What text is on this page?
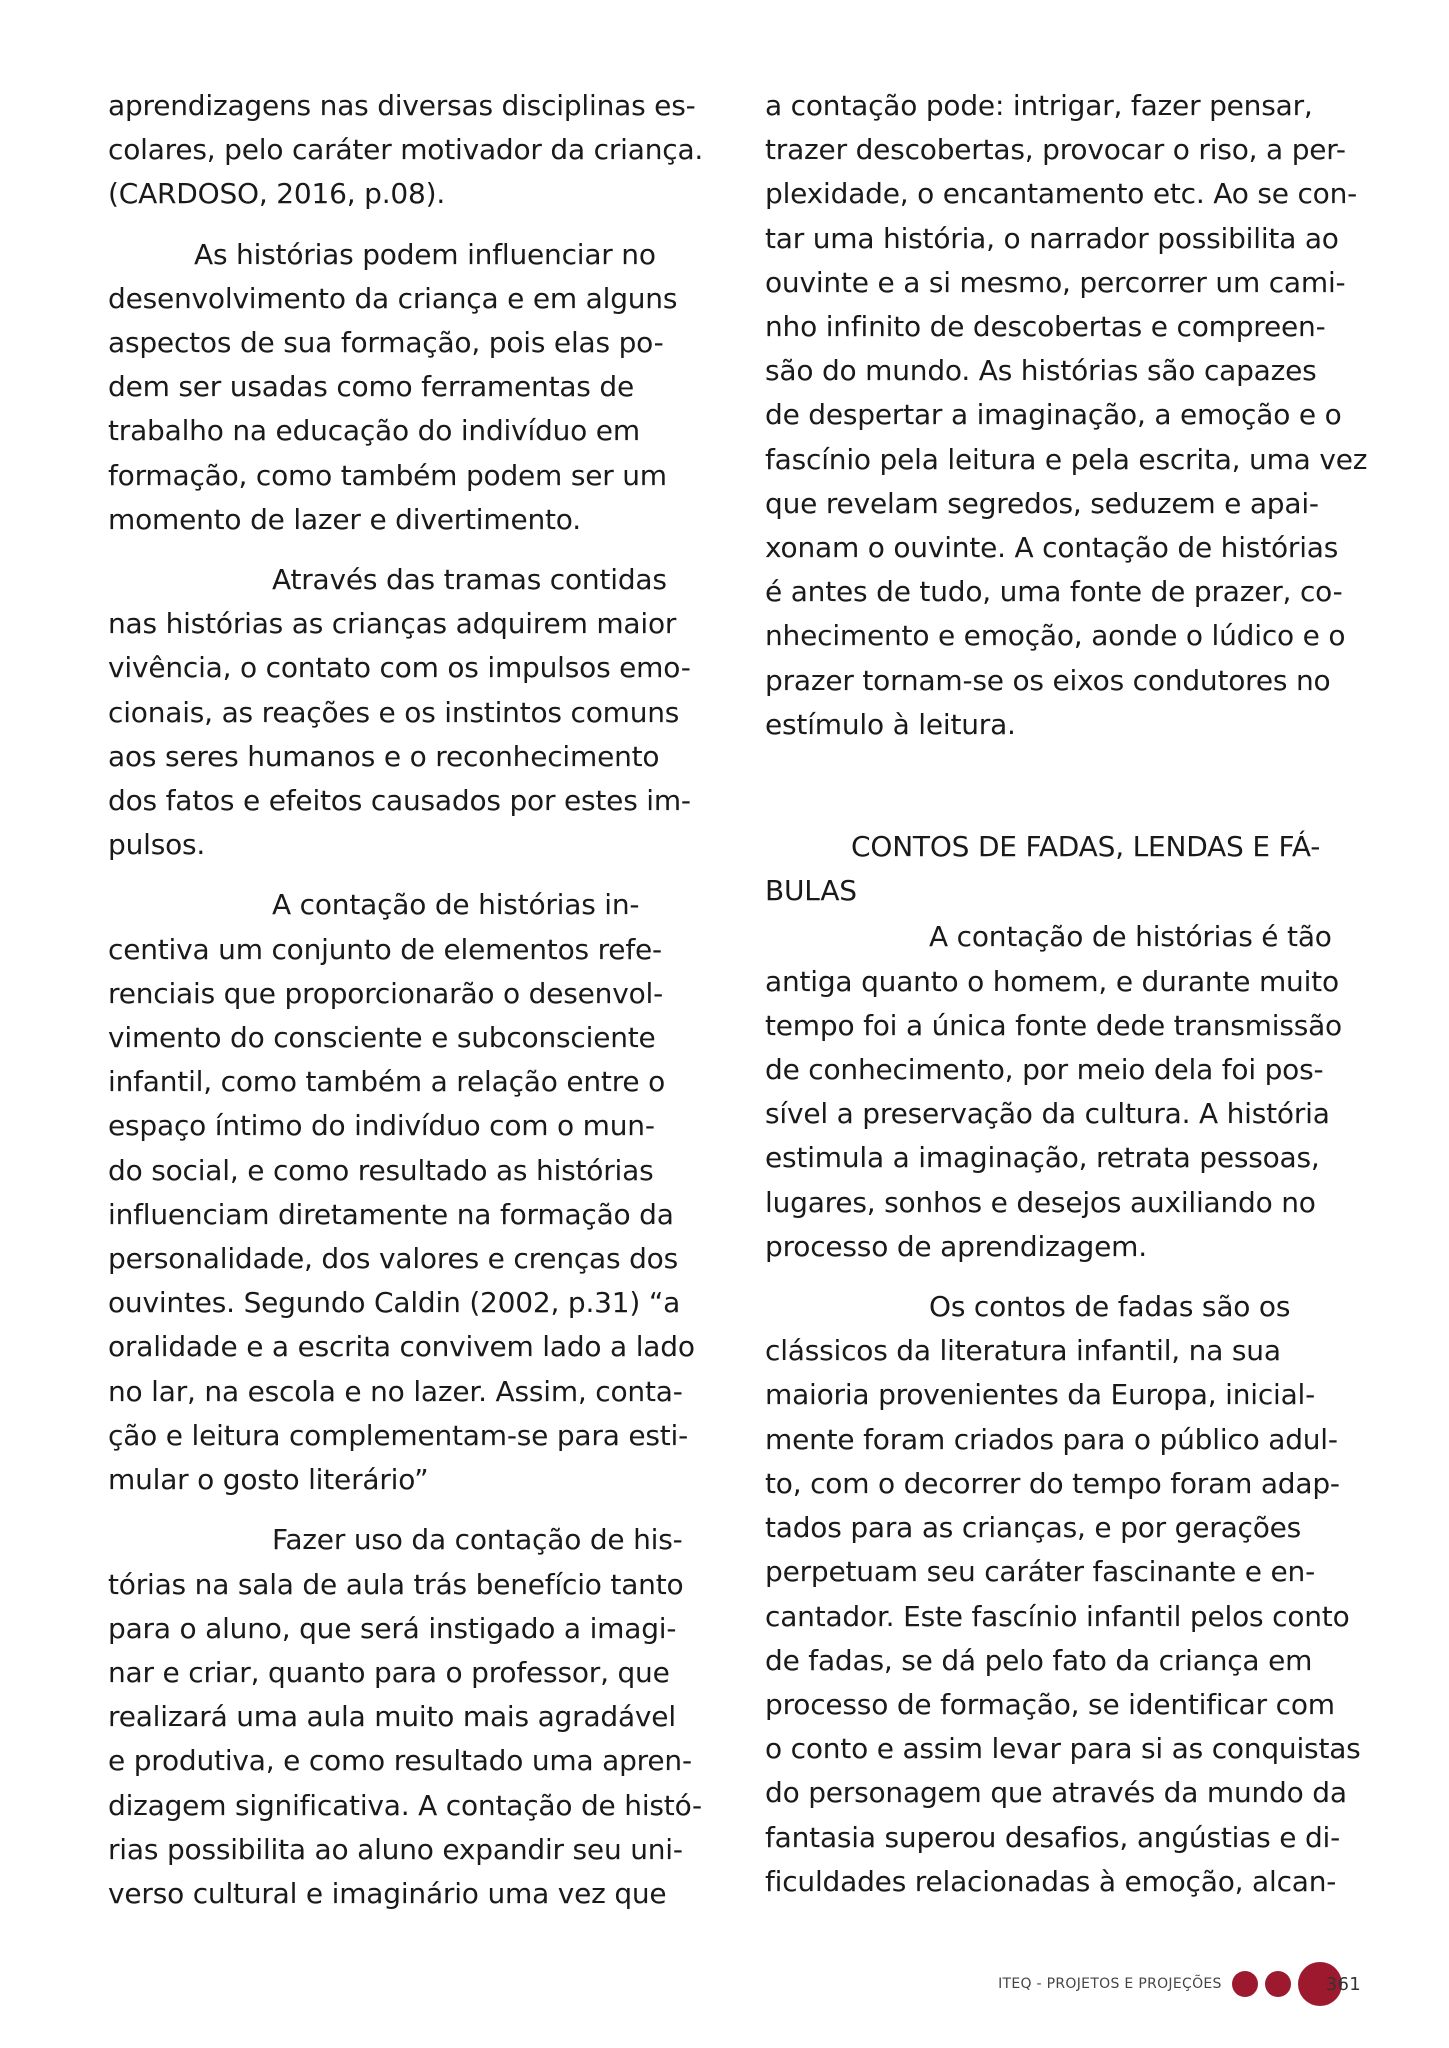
aprendizagens nas diversas disciplinas es-
colares, pelo caráter motivador da criança.
(CARDOSO, 2016, p.08).
As histórias podem influenciar no
desenvolvimento da criança e em alguns
aspectos de sua formação, pois elas po-
dem ser usadas como ferramentas de
trabalho na educação do indivíduo em
formação, como também podem ser um
momento de lazer e divertimento.
Através das tramas contidas
nas histórias as crianças adquirem maior
vivência, o contato com os impulsos emo-
cionais, as reações e os instintos comuns
aos seres humanos e o reconhecimento
dos fatos e efeitos causados por estes im-
pulsos.
A contação de histórias in-
centiva um conjunto de elementos refe-
renciais que proporcionarão o desenvol-
vimento do consciente e subconsciente
infantil, como também a relação entre o
espaço íntimo do indivíduo com o mun-
do social, e como resultado as histórias
influenciam diretamente na formação da
personalidade, dos valores e crenças dos
ouvintes. Segundo Caldin (2002, p.31) “a
oralidade e a escrita convivem lado a lado
no lar, na escola e no lazer. Assim, conta-
ção e leitura complementam-se para esti-
mular o gosto literário”
Fazer uso da contação de his-
tórias na sala de aula trás benefício tanto
para o aluno, que será instigado a imagi-
nar e criar, quanto para o professor, que
realizará uma aula muito mais agradável
e produtiva, e como resultado uma apren-
dizagem significativa. A contação de histó-
rias possibilita ao aluno expandir seu uni-
verso cultural e imaginário uma vez que
a contação pode: intrigar, fazer pensar,
trazer descobertas, provocar o riso, a per-
plexidade, o encantamento etc. Ao se con-
tar uma história, o narrador possibilita ao
ouvinte e a si mesmo, percorrer um cami-
nho infinito de descobertas e compreen-
são do mundo. As histórias são capazes
de despertar a imaginação, a emoção e o
fascínio pela leitura e pela escrita, uma vez
que revelam segredos, seduzem e apai-
xonam o ouvinte. A contação de histórias
é antes de tudo, uma fonte de prazer, co-
nhecimento e emoção, aonde o lúdico e o
prazer tornam-se os eixos condutores no
estímulo à leitura.
CONTOS DE FADAS, LENDAS E FÁ-
BULAS
A contação de histórias é tão
antiga quanto o homem, e durante muito
tempo foi a única fonte dede transmissão
de conhecimento, por meio dela foi pos-
sível a preservação da cultura. A história
estimula a imaginação, retrata pessoas,
lugares, sonhos e desejos auxiliando no
processo de aprendizagem.
Os contos de fadas são os
clássicos da literatura infantil, na sua
maioria provenientes da Europa, inicial-
mente foram criados para o público adul-
to, com o decorrer do tempo foram adap-
tados para as crianças, e por gerações
perpetuam seu caráter fascinante e en-
cantador. Este fascínio infantil pelos conto
de fadas, se dá pelo fato da criança em
processo de formação, se identificar com
o conto e assim levar para si as conquistas
do personagem que através da mundo da
fantasia superou desafios, angústias e di-
ficuldades relacionadas à emoção, alcan-
ITEQ - PROJETOS E PROJEÇÕES	361
